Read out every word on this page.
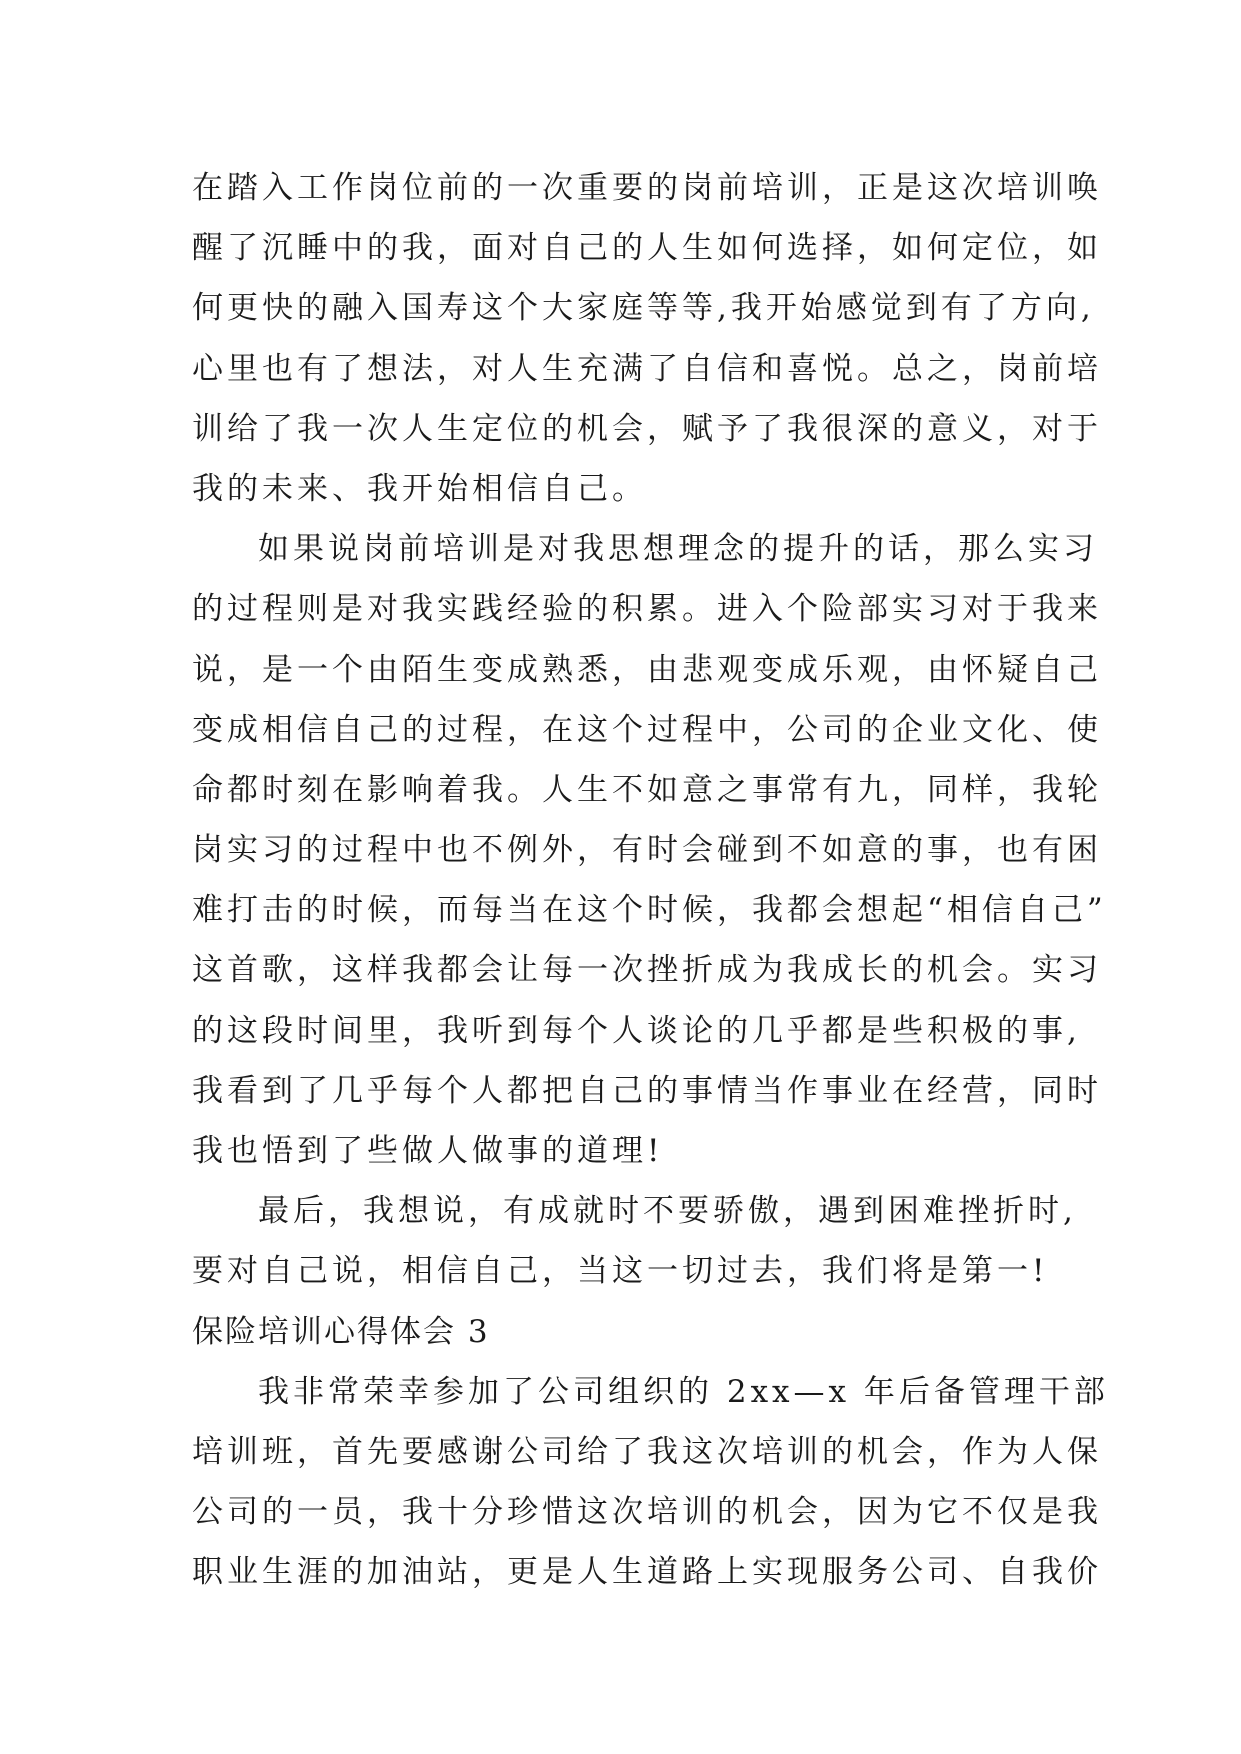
在踏入工作岗位前的一次重要的岗前培训，正是这次培训唤
醒了沉睡中的我，面对自己的人生如何选择，如何定位，如
何更快的融入国寿这个大家庭等等,我开始感觉到有了方向,
心里也有了想法，对人生充满了自信和喜悦。总之，岗前培
训给了我一次人生定位的机会，赋予了我很深的意义，对于
我的未来、我开始相信自己。
如果说岗前培训是对我思想理念的提升的话，那么实习
的过程则是对我实践经验的积累。进入个险部实习对于我来
说，是一个由陌生变成熟悉，由悲观变成乐观，由怀疑自己
变成相信自己的过程，在这个过程中，公司的企业文化、使
命都时刻在影响着我。人生不如意之事常有九，同样，我轮
岗实习的过程中也不例外，有时会碰到不如意的事，也有困
难打击的时候，而每当在这个时候，我都会想起“相信自己”
这首歌，这样我都会让每一次挫折成为我成长的机会。实习
的这段时间里，我听到每个人谈论的几乎都是些积极的事,
我看到了几乎每个人都把自己的事情当作事业在经营，同时
我也悟到了些做人做事的道理!
最后，我想说，有成就时不要骄傲，遇到困难挫折时,
要对自己说，相信自己，当这一切过去，我们将是第一!
保险培训心得体会 3
我非常荣幸参加了公司组织的 2xx—x 年后备管理干部
培训班，首先要感谢公司给了我这次培训的机会，作为人保
公司的一员，我十分珍惜这次培训的机会，因为它不仅是我
职业生涯的加油站，更是人生道路上实现服务公司、自我价
